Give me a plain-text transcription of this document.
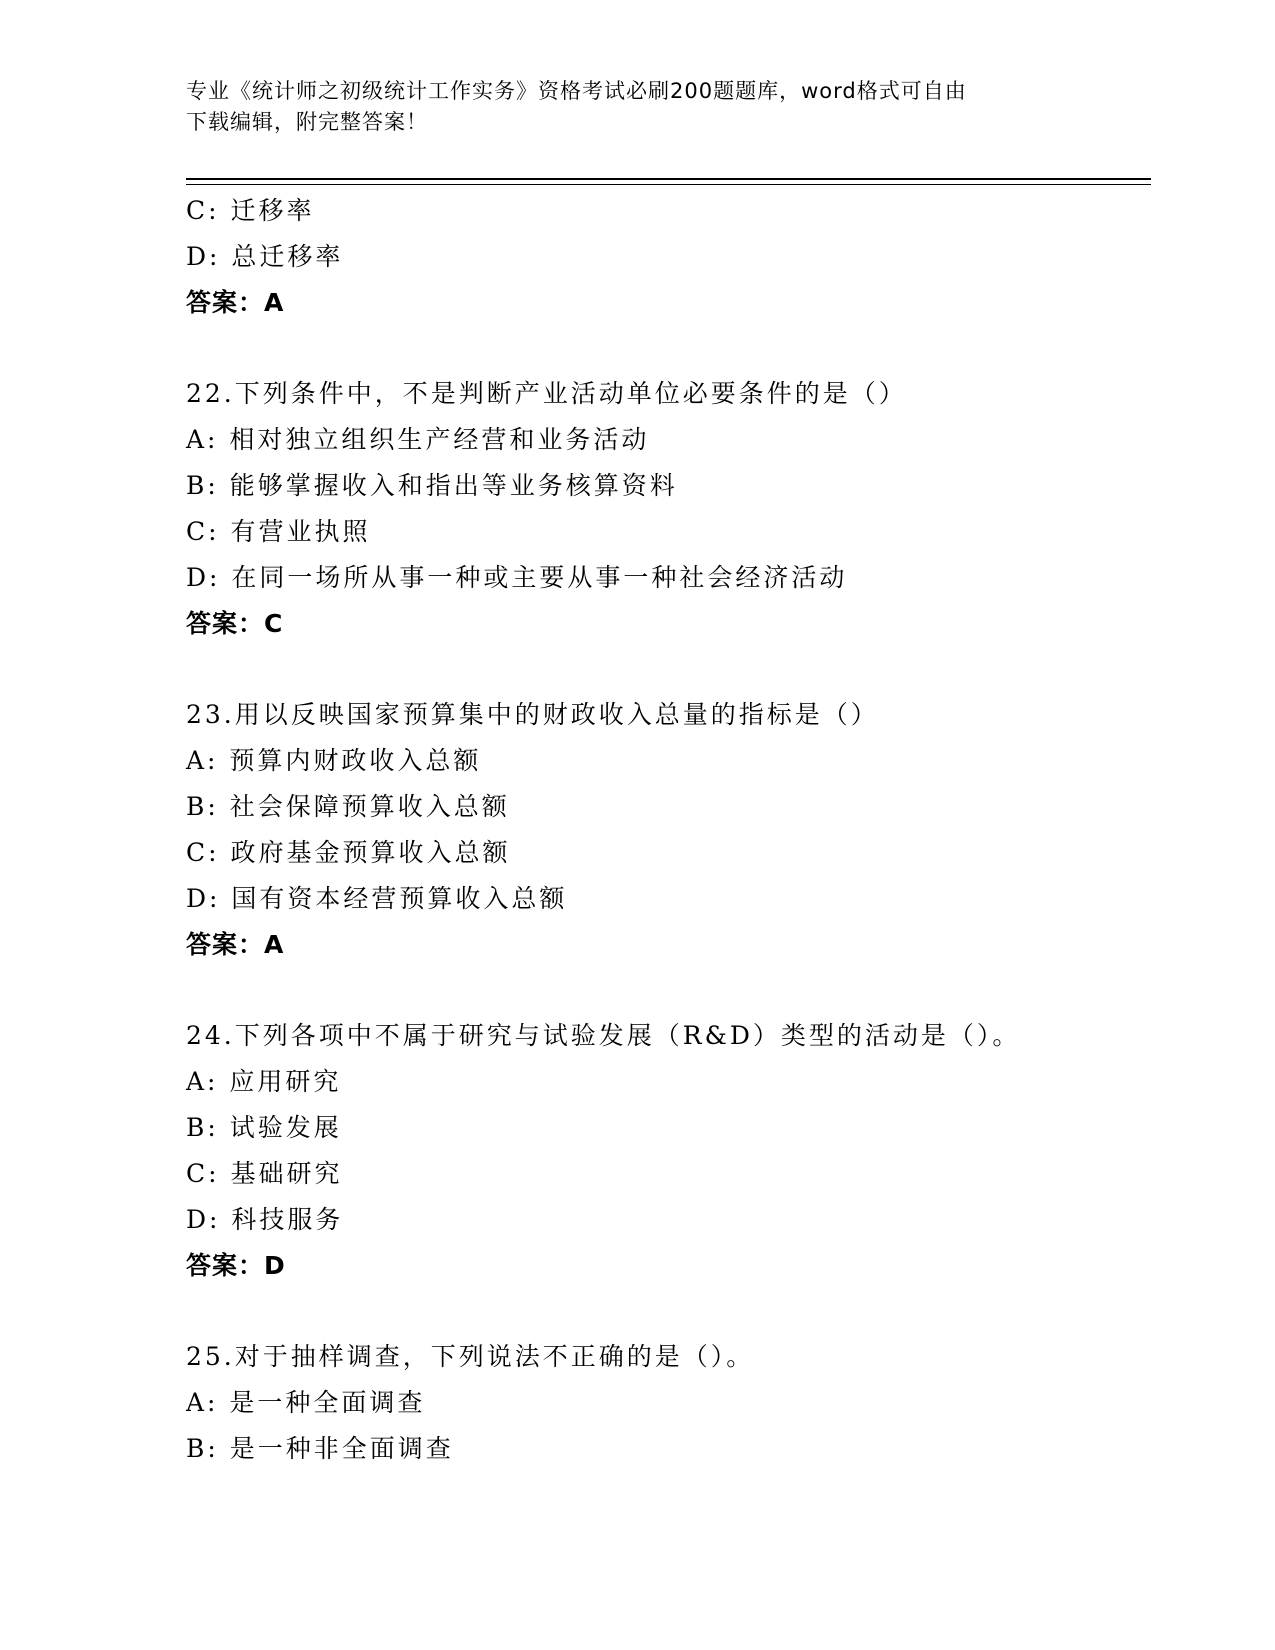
专业《统计师之初级统计工作实务》资格考试必刷200题题库，word格式可自由
下载编辑，附完整答案！
C: 迁移率
D: 总迁移率
答案：A
22.下列条件中，不是判断产业活动单位必要条件的是（）
A: 相对独立组织生产经营和业务活动
B: 能够掌握收入和指出等业务核算资料
C: 有营业执照
D: 在同一场所从事一种或主要从事一种社会经济活动
答案：C
23.用以反映国家预算集中的财政收入总量的指标是（）
A: 预算内财政收入总额
B: 社会保障预算收入总额
C: 政府基金预算收入总额
D: 国有资本经营预算收入总额
答案：A
24.下列各项中不属于研究与试验发展（R&D）类型的活动是（）。
A: 应用研究
B: 试验发展
C: 基础研究
D: 科技服务
答案：D
25.对于抽样调查，下列说法不正确的是（）。
A: 是一种全面调查
B: 是一种非全面调查
